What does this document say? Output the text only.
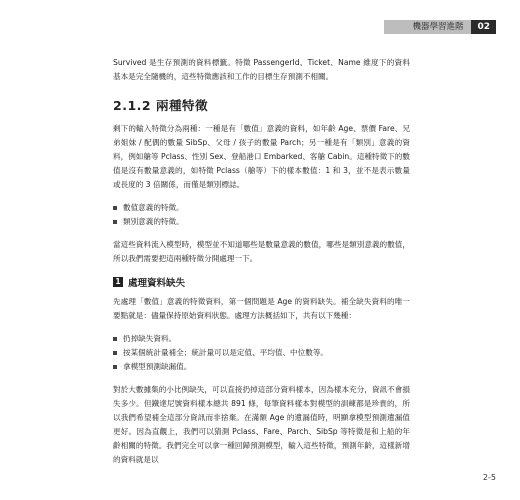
機器學習進階	02

Survived 是生存預測的資料標籤。特徵 PassengerId、Ticket、Name 維度下的資料基本是完全隨機的，這些特徵應該和工作的目標生存預測不相關。

2.1.2 兩種特徵

剩下的輸入特徵分為兩種：一種是有「數值」意義的資料，如年齡 Age、票價 Fare、兄弟姐妹 / 配偶的數量 SibSp、父母 / 孩子的數量 Parch；另一種是有「類別」意義的資料，例如艙等 Pclass、性別 Sex、登船港口 Embarked、客艙 Cabin。這種特徵下的數值是沒有數量意義的，如特徵 Pclass（艙等）下的樣本數值：1 和 3，並不是表示數量或長度的 3 倍關係，而僅是類別標誌。

數值意義的特徵。
類別意義的特徵。

當這些資料流入模型時，模型並不知道哪些是數量意義的數值，哪些是類別意義的數值，所以我們需要把這兩種特徵分開處理一下。

1 處理資料缺失

先處理「數值」意義的特徵資料，第一個問題是 Age 的資料缺失。補全缺失資料的唯一要點就是：儘量保持原始資料狀態。處理方法概括如下，共有以下幾種：

扔掉缺失資料。
按某個統計量補全；統計量可以是定值、平均值、中位數等。
拿模型預測缺漏值。

對於大數據集的小比例缺失，可以直接扔掉這部分資料樣本，因為樣本充分，資訊不會損失多少。但鐵達尼號資料樣本總共 891 條，每筆資料樣本對模型的訓練都是珍貴的，所以我們希望補全這部分資訊而非捨棄。在滿額 Age 的遺漏值時，明顯拿模型預測遺漏值更好。因為直觀上，我們可以猜測 Pclass、Fare、Parch、SibSp 等特徵是和上船的年齡相關的特徵。我們完全可以拿一種回歸預測模型，輸入這些特徵，預測年齡，這樣新增的資料就是以

2-5
